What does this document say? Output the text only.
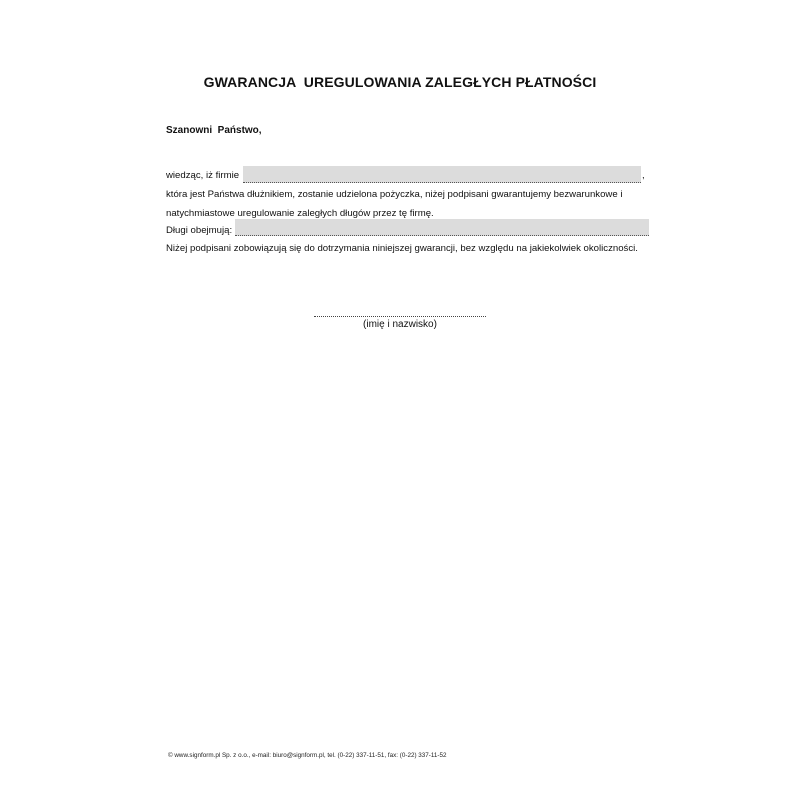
GWARANCJA  UREGULOWANIA ZALEGŁYCH PŁATNOŚCI
Szanowni  Państwo,
wiedząc, iż firmie	,
która jest Państwa dłużnikiem, zostanie udzielona pożyczka, niżej podpisani gwarantujemy bezwarunkowe i
natychmiastowe uregulowanie zaległych długów przez tę firmę.
Długi obejmują:
Niżej podpisani zobowiązują się do dotrzymania niniejszej gwarancji, bez względu na jakiekolwiek okoliczności.
(imię i nazwisko)
© www.signform.pl Sp. z o.o., e-mail: biuro@signform.pl, tel. (0-22) 337-11-51, fax: (0-22) 337-11-52
